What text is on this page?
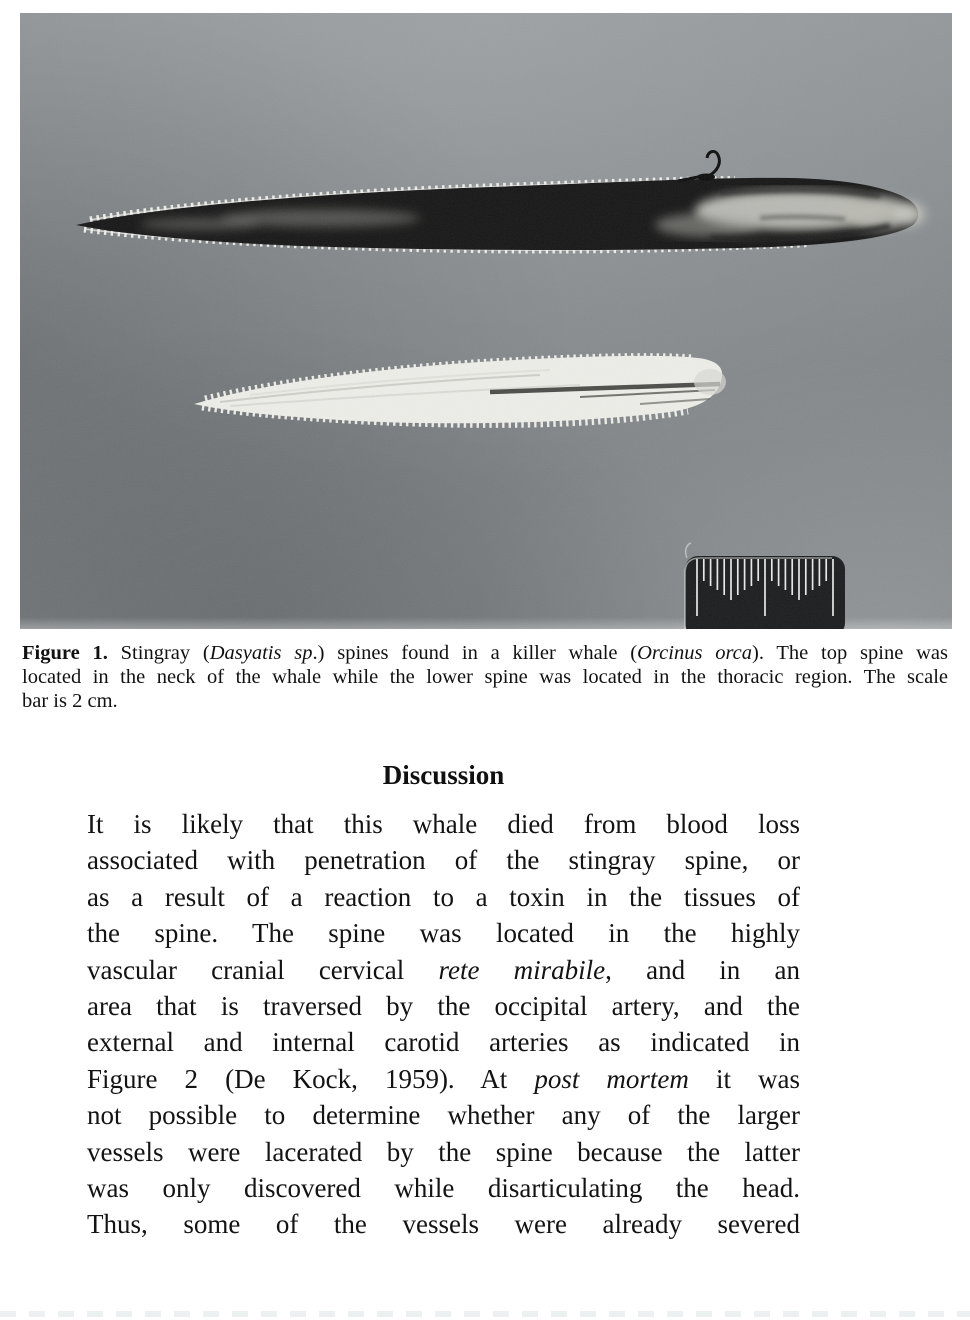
Figure 1. Stingray (Dasyatis sp.) spines found in a killer whale (Orcinus orca). The top spine was
located in the neck of the whale while the lower spine was located in the thoracic region. The scale
bar is 2 cm.
Discussion
It is likely that this whale died from blood loss
associated with penetration of the stingray spine, or
as a result of a reaction to a toxin in the tissues of
the spine. The spine was located in the highly
vascular cranial cervical rete mirabile, and in an
area that is traversed by the occipital artery, and the
external and internal carotid arteries as indicated in
Figure 2 (De Kock, 1959). At post mortem it was
not possible to determine whether any of the larger
vessels were lacerated by the spine because the latter
was only discovered while disarticulating the head.
Thus, some of the vessels were already severed
